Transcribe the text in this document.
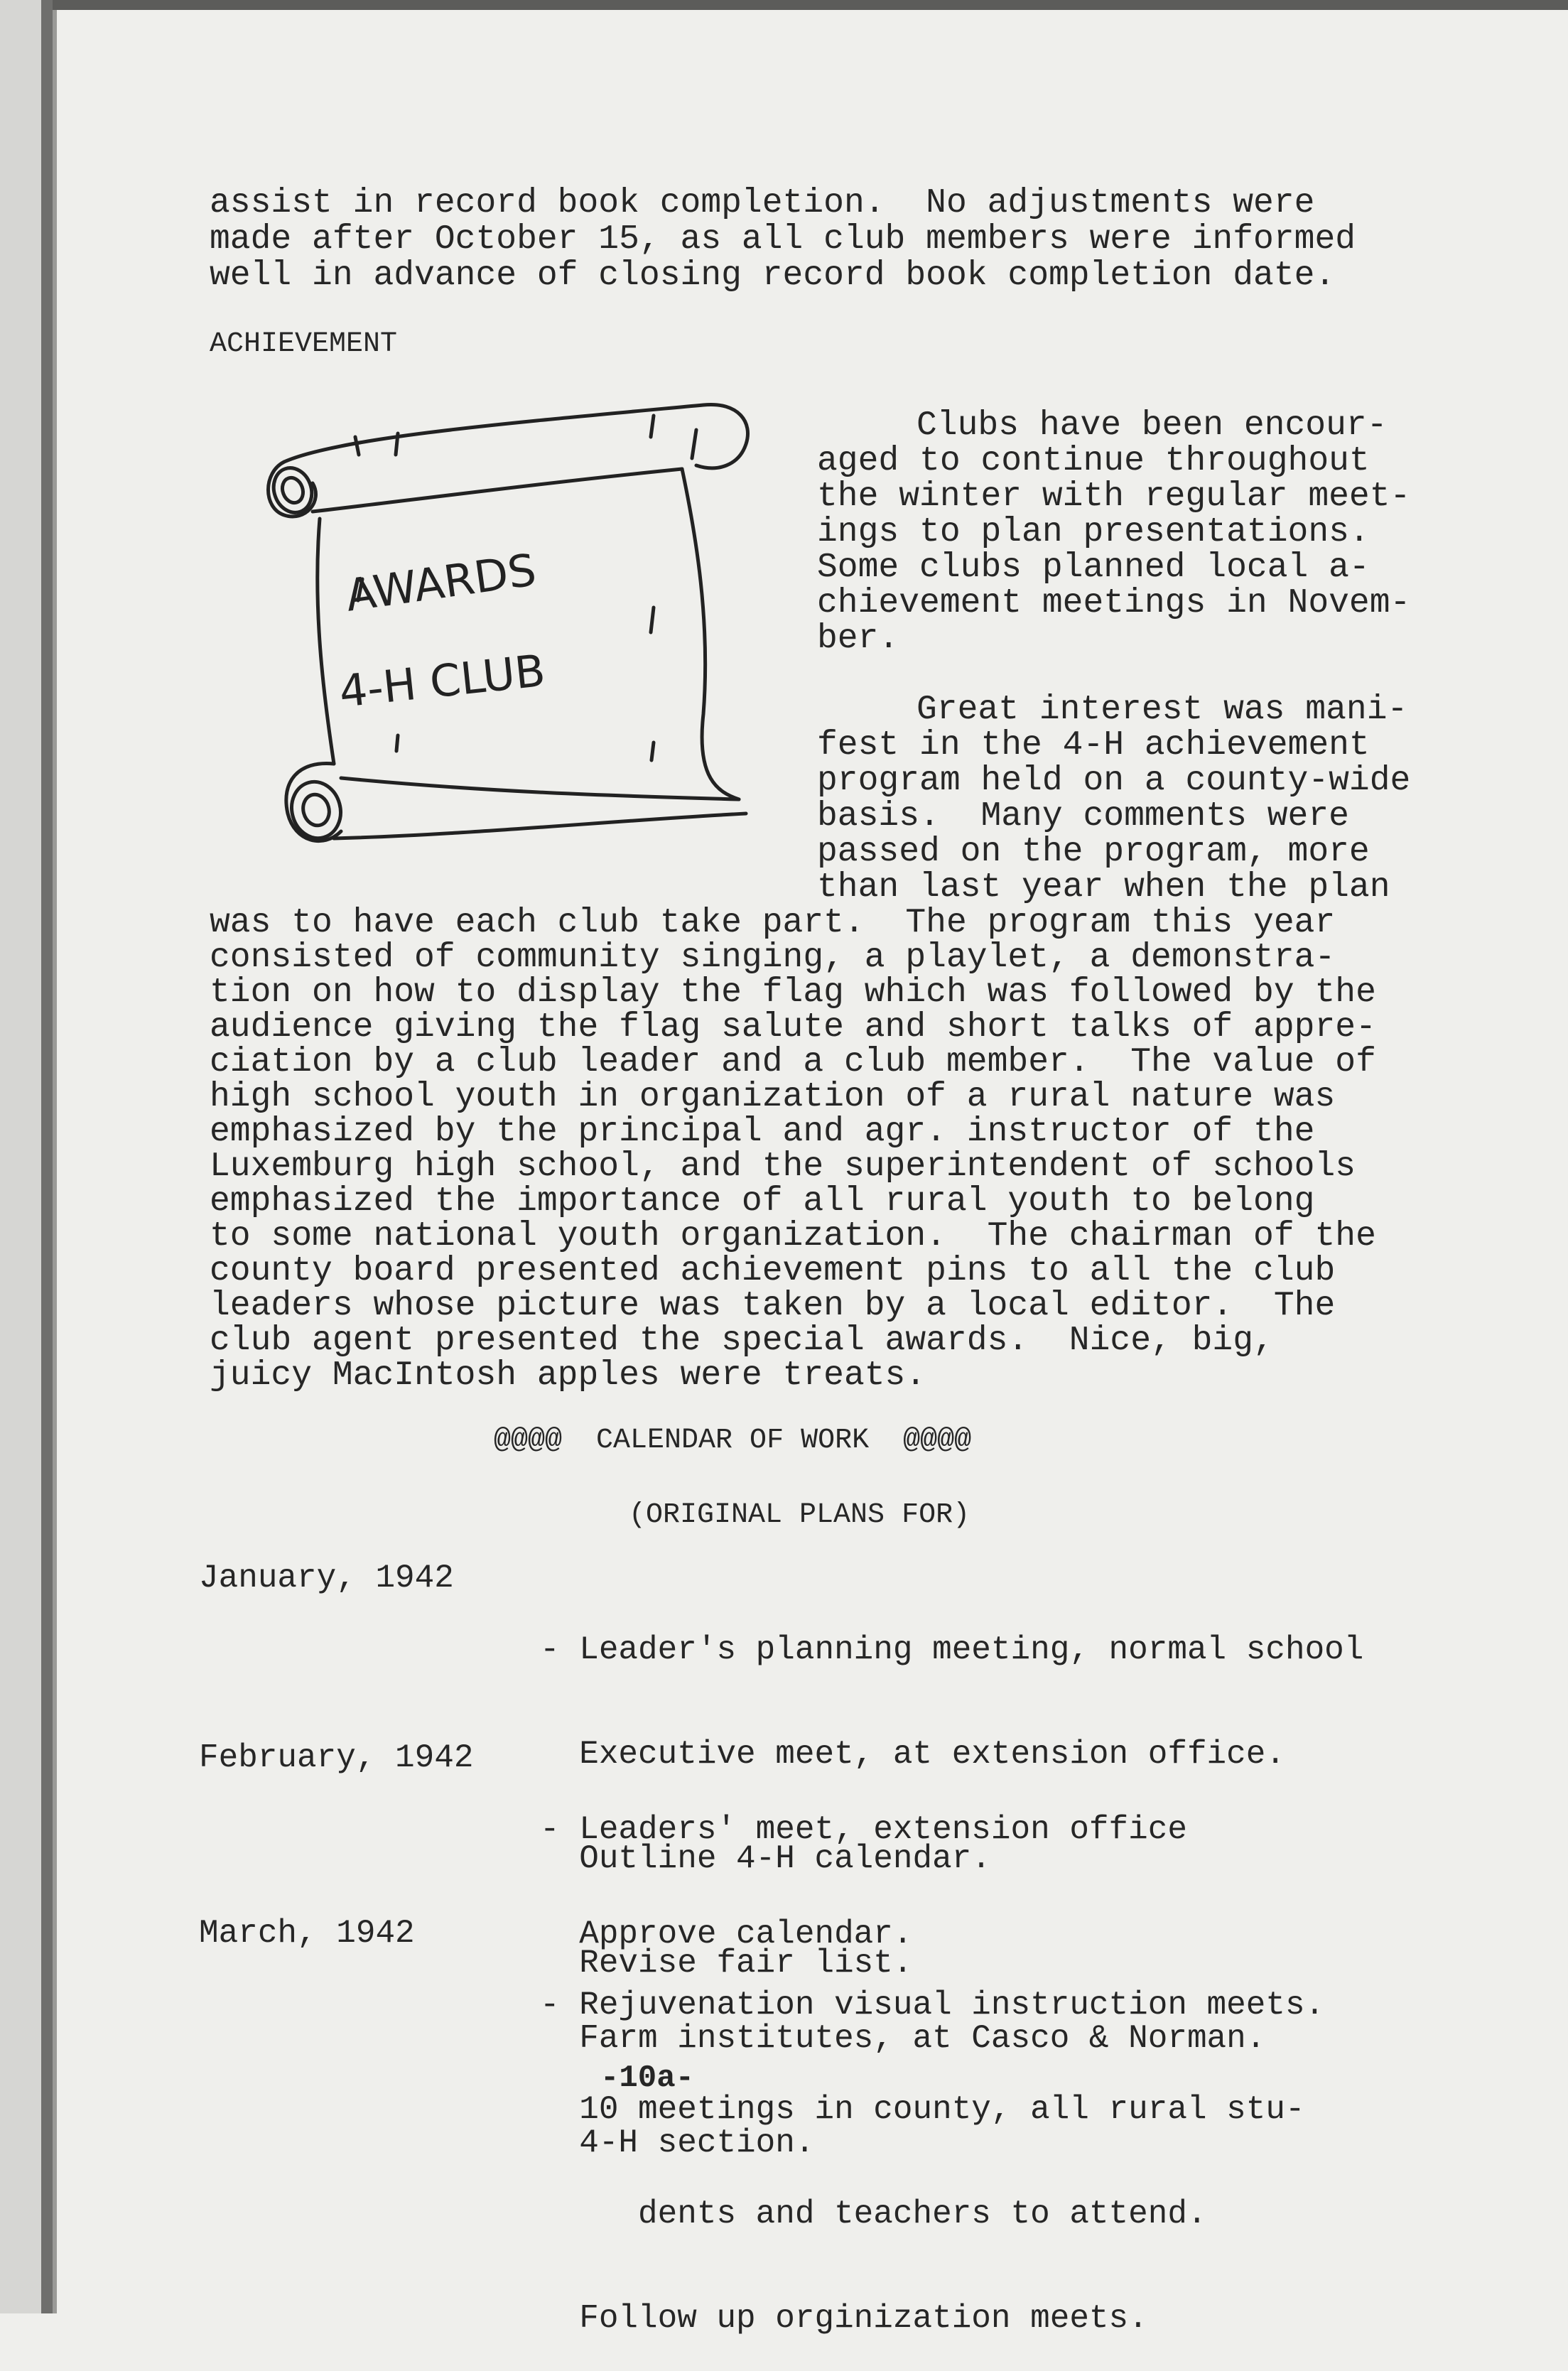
assist in record book completion.  No adjustments were
made after October 15, as all club members were informed
well in advance of closing record book completion date.
ACHIEVEMENT
AWARDS
4-H CLUB
Clubs have been encour-
aged to continue throughout
the winter with regular meet-
ings to plan presentations.
Some clubs planned local a-
chievement meetings in Novem-
ber.
Great interest was mani-
fest in the 4-H achievement
program held on a county-wide
basis.  Many comments were
passed on the program, more
than last year when the plan
was to have each club take part.  The program this year
consisted of community singing, a playlet, a demonstra-
tion on how to display the flag which was followed by the
audience giving the flag salute and short talks of appre-
ciation by a club leader and a club member.  The value of
high school youth in organization of a rural nature was
emphasized by the principal and agr. instructor of the
Luxemburg high school, and the superintendent of schools
emphasized the importance of all rural youth to belong
to some national youth organization.  The chairman of the
county board presented achievement pins to all the club
leaders whose picture was taken by a local editor.  The
club agent presented the special awards.  Nice, big,
juicy MacIntosh apples were treats.
@@@@  CALENDAR OF WORK  @@@@
(ORIGINAL PLANS FOR)
January, 1942

- Leader's planning meeting, normal school

Executive meet, at extension office.

Outline 4-H calendar.

Revise fair list.

February, 1942

- Leaders' meet, extension office

Approve calendar.

Farm institutes, at Casco & Norman.

4-H section.

March, 1942

- Rejuvenation visual instruction meets.

10 meetings in county, all rural stu-

dents and teachers to attend.

Follow up orginization meets.

-10a-
